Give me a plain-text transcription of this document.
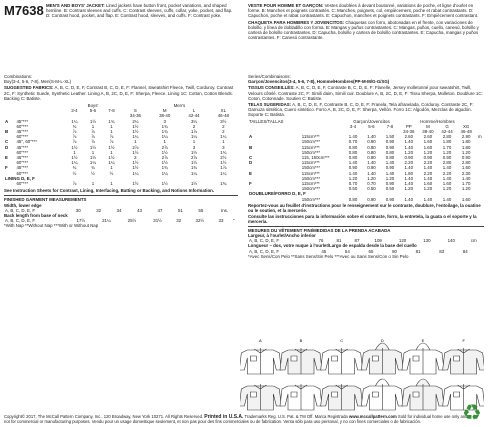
M7638 MEN'S AND BOYS' JACKET: Lined jackets have button front, pocket variations, and shaped hemline. B: Contrast sleeves and cuffs. C: Contrast sleeves, cuffs, collar, yoke, pocket, and flap. D: Contrast hood, pocket, and flap. E: Contrast hood, sleeves, and cuffs. F: Contrast yoke.
VESTE POUR HOMME ET GARÇON: Vestes doublées à devant boutonné, variations de poche, et ligne d'ourlet en forme. B: Manches et poignets contrastés. C: Manches, poignets, col, empiècement, poche et rabat contrastants. D: Capuchon, poche et rabat contrastants. E: Capuchon, manches et poignets contrastants. F: Empiècement contrastant.
CHAQUETA PARA HOMBRES Y JOVENCITOS: Chaquetas con forro, abotonadas en el frente, con variaciones de bolsillo, y línea de dobladillo con forma. B: Mangas y puños contrastantes. C: Mangas, puños, cuello, canesú, bolsillo y cartera de bolsillo contrastantes. D: Capucha, bolsillo y cartera de bolsillo contrastantes. E: Capucha, mangas y puños contrastantes. F: Canesú contrastante.
Combinations:
Boy(3-4, 5-6, 7-8), Men(S-M-L-XL)
SUGGESTED FABRICS: A, B, C, D, E, F, Contrast B, C, D, E, F: Flannel, Sweatshirt Fleece, Twill, Corduroy. Contrast 2C, F: Synthetic Suede, Synthetic Leather. Lining A, B, 2C, D, E, F: Sherpa, Fleece. Lining 1C: Cotton, Cotton Blends. Backing C: Batiste.
		Boys'			Men's			
		3-4	5-6	7-8	S	M	L	XL
					34-36	38-40	42-44	46-48
A	45"***	1¼	1½	1¾	2¼	3	3¼	3½
	60"***	¾	1	1	1½	1¾	2	2
B	45"***	⅞	⅞	1	1½	1¾	1⅞	2
	60"***	⅞	⅞	⅞	1¼	1¼	1¼	1¼
C	45", 60"***	⅞	⅞	⅞	1	1	1	1
D	45"***	1½	1½	1½	2⅞	2⅞	3	3
	60"***	1	1	1	1½	1½	1½	1¾
E	45"***	1½	1½	1½	2	2⅞	2⅞	2½
	60"***	1¼	1¼	1¼	1½	1½	1½	1½
F	45"***	¾	¾	1	1½	1¾	1¾	1⅞
	60"***	½	½	½	1¼	1¼	1¼	1¼
LINING D, E, F								
	60"***	⅞	1	1	1½	1½	1½	1¾
See Instruction Sheets for Contrast, Lining, Interfacing, Batting or Backing, and Notions Information.
FINISHED GARMENT MEASUREMENTS
Width, lower edge
A, B, C, D, E, F	30	32	34	43	47	51	55	Ins.
Back length from base of neck
A, B, C, D, E, F	17½	21¼	25½	31½	32	32½	33	"
*With Nap **Without Nap ***With or Without Nap
Series/Combinaisons:
Garçon/Jovencitos(3-4, 5-6, 7-8), Homme/Hombres(PP-M-M/G-G/XG)
TISSUS CONSEILLÉS: A, B, C, D, E, F, Contraste B, C, D, E, F: Flanelle, Jersey molletonné pour sweatshirt, Twill, Velours côtelé. Contraste 2C, F: Simili daim, Simili cuir. Doublure A, B, 2C, D, E, F: Tissu Sherpa, Molleton. Doublure 1C: Coton, Cotonnade. Soutien C: Batiste.
TELAS SUGERIDAS: A, B, C, D, E, F, Contraste B, C, D, E, F: Franela, Tela afranelada, Corduroy. Contraste 2C, F: Gamuza sintética, Cuero sintético. Forro A, B, 2C, D, E, F: Sherpa, Vellón. Forro 1C: Algodón, Mezclas de algodón. Soporte C: Batista.
TAILLES/TALLAS		Garçon/Jovencitos			Homme/Hombres				
		3-4	5-6	7-8	PP	M	G	XG	
					34-36	38-40	42-44	46-48	
A	115cm***	1.40	1.40	1.50	2.60	2.60	2.80	2.90	m
	150cm***	0.70	0.90	0.90	1.40	1.60	1.80	1.80	
B	115cm***	0.80	0.80	0.90	1.40	1.60	1.70	1.80	
	150cm***	0.80	0.80	0.80	1.20	1.20	1.20	1.20	
C	115, 150cm***	0.80	0.80	0.80	0.90	0.90	0.90	0.90	
D	115cm***	1.40	1.40	1.40	2.20	2.20	2.80	2.80	
	150cm***	0.90	0.90	0.90	1.40	1.40	1.40	1.60	
E	115cm***	1.40	1.40	1.40	1.80	2.20	2.20	2.30	
	150cm***	1.20	1.20	1.20	1.40	1.40	1.40	1.40	
F	115cm***	0.70	0.70	0.90	1.40	1.60	1.60	1.70	
	150cm***	0.50	0.50	0.50	1.20	1.20	1.20	1.20	
DOUBLURE/FORRO D, E, F									
	150cm***	0.80	0.90	0.90	1.40	1.40	1.40	1.60	
Reportez-vous au feuillet d'instructions pour le renseignement sur le contraste, doublure, l'entoilage, la ouatine ou le soutien, et la mercerie.
Consulte las instrucciones para la información sobre el contraste, forro, la entretela, la guata o el soporte y la mercería.
MESURES DU VÊTEMENT FINI/MEDIDAS DE LA PRENDA ACABADA
Largeur, à l'ourlet/Ancho inferior
A, B, C, D, E, F	76	81	87	109	120	130	140	cm
Longueur – dos, votre nuque à l'ourlet/Largo de espalda desde la base del cuello
A, B, C, D, E, F	45	54	65	80	81	83	84	
*Avec Sens/Con Pelo **Sans Sens/Sin Pelo ***Avec ou Sans Sens/Con o Sin Pelo
A	B	C	D	E	F
Copyright© 2017, The McCall Pattern Company, Inc., 120 Broadway, New York 10271. All Rights Reserved. Printed in U.S.A. Trademarks Reg. U.S. Pat. & TM Off. Marca Registrada www.mccallpattern.com Sold for individual home use only and not for commercial or manufacturing purposes. Vendu pour un usage domestique seulement, et non pas pour des fins commerciales ou de fabrication. Venta sólo para uso personal, y no con fines comerciales o de fabricación.	♻
